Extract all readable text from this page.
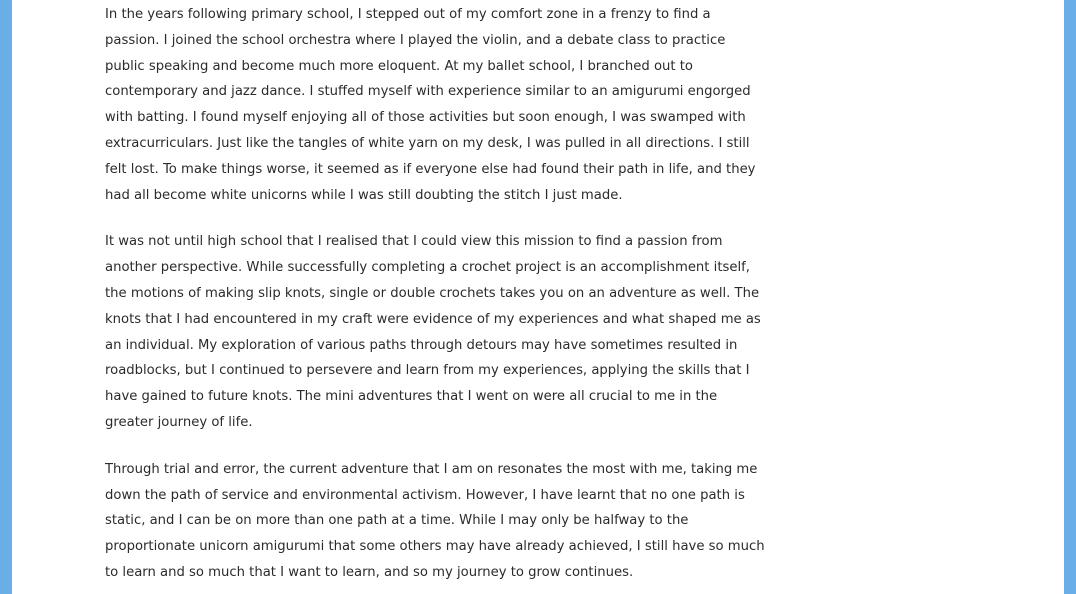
In the years following primary school, I stepped out of my comfort zone in a frenzy to find a
passion. I joined the school orchestra where I played the violin, and a debate class to practice
public speaking and become much more eloquent. At my ballet school, I branched out to
contemporary and jazz dance. I stuffed myself with experience similar to an amigurumi engorged
with batting. I found myself enjoying all of those activities but soon enough, I was swamped with
extracurriculars. Just like the tangles of white yarn on my desk, I was pulled in all directions. I still
felt lost. To make things worse, it seemed as if everyone else had found their path in life, and they
had all become white unicorns while I was still doubting the stitch I just made.

It was not until high school that I realised that I could view this mission to find a passion from
another perspective. While successfully completing a crochet project is an accomplishment itself,
the motions of making slip knots, single or double crochets takes you on an adventure as well. The
knots that I had encountered in my craft were evidence of my experiences and what shaped me as
an individual. My exploration of various paths through detours may have sometimes resulted in
roadblocks, but I continued to persevere and learn from my experiences, applying the skills that I
have gained to future knots. The mini adventures that I went on were all crucial to me in the
greater journey of life.

Through trial and error, the current adventure that I am on resonates the most with me, taking me
down the path of service and environmental activism. However, I have learnt that no one path is
static, and I can be on more than one path at a time. While I may only be halfway to the
proportionate unicorn amigurumi that some others may have already achieved, I still have so much
to learn and so much that I want to learn, and so my journey to grow continues.
